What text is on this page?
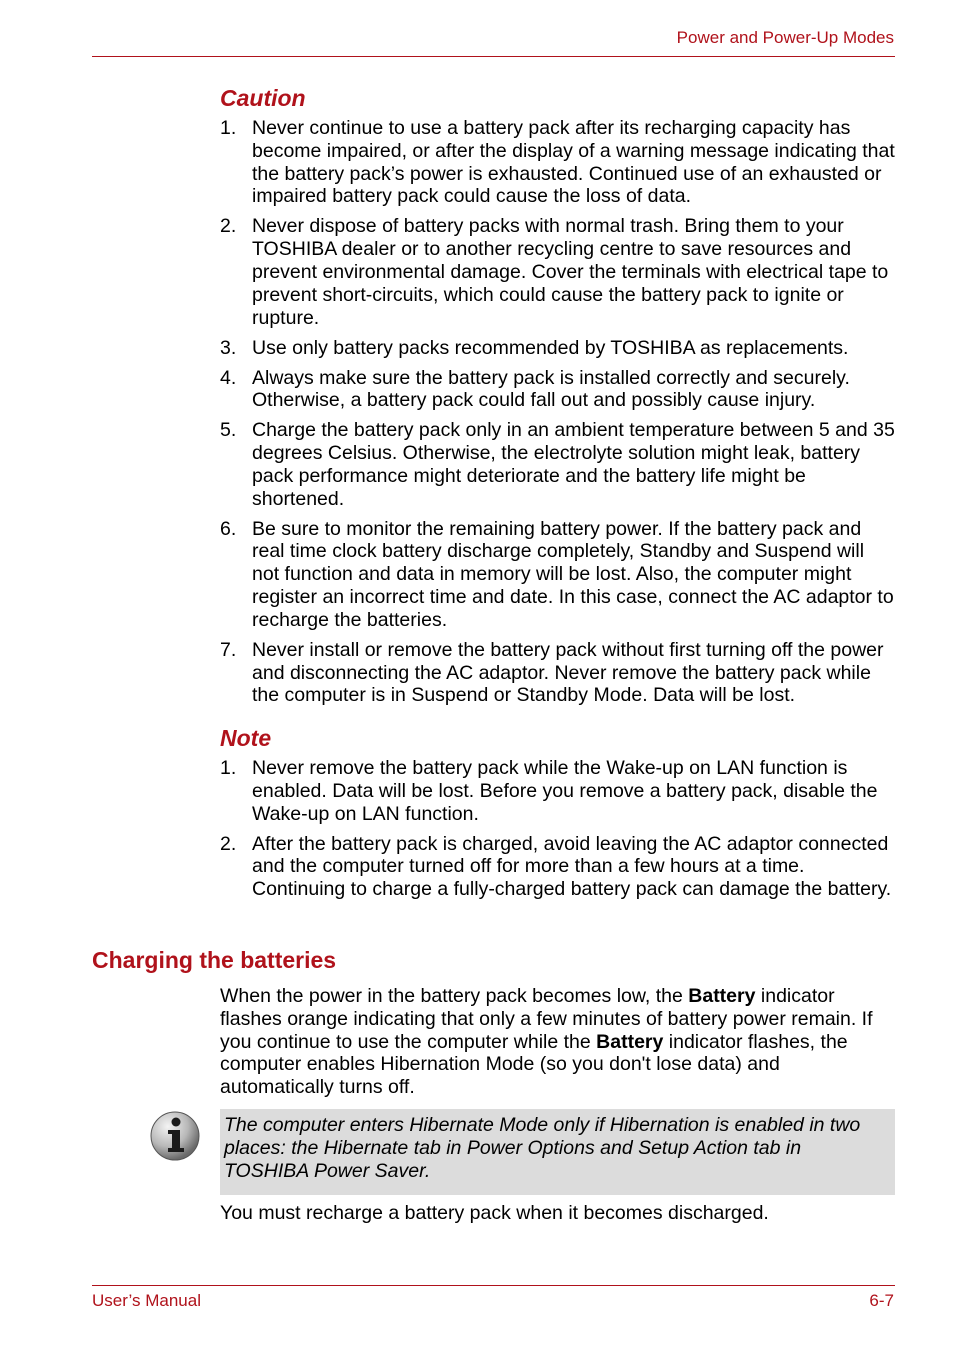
Power and Power-Up Modes
Caution
1. Never continue to use a battery pack after its recharging capacity has become impaired, or after the display of a warning message indicating that the battery pack’s power is exhausted. Continued use of an exhausted or impaired battery pack could cause the loss of data.
2. Never dispose of battery packs with normal trash. Bring them to your TOSHIBA dealer or to another recycling centre to save resources and prevent environmental damage. Cover the terminals with electrical tape to prevent short-circuits, which could cause the battery pack to ignite or rupture.
3. Use only battery packs recommended by TOSHIBA as replacements.
4. Always make sure the battery pack is installed correctly and securely. Otherwise, a battery pack could fall out and possibly cause injury.
5. Charge the battery pack only in an ambient temperature between 5 and 35 degrees Celsius. Otherwise, the electrolyte solution might leak, battery pack performance might deteriorate and the battery life might be shortened.
6. Be sure to monitor the remaining battery power. If the battery pack and real time clock battery discharge completely, Standby and Suspend will not function and data in memory will be lost. Also, the computer might register an incorrect time and date. In this case, connect the AC adaptor to recharge the batteries.
7. Never install or remove the battery pack without first turning off the power and disconnecting the AC adaptor. Never remove the battery pack while the computer is in Suspend or Standby Mode. Data will be lost.
Note
1. Never remove the battery pack while the Wake-up on LAN function is enabled. Data will be lost. Before you remove a battery pack, disable the Wake-up on LAN function.
2. After the battery pack is charged, avoid leaving the AC adaptor connected and the computer turned off for more than a few hours at a time. Continuing to charge a fully-charged battery pack can damage the battery.
Charging the batteries

When the power in the battery pack becomes low, the Battery indicator flashes orange indicating that only a few minutes of battery power remain. If you continue to use the computer while the Battery indicator flashes, the computer enables Hibernation Mode (so you don't lose data) and automatically turns off.

The computer enters Hibernate Mode only if Hibernation is enabled in two places: the Hibernate tab in Power Options and Setup Action tab in TOSHIBA Power Saver.

You must recharge a battery pack when it becomes discharged.

User’s Manual	6-7
